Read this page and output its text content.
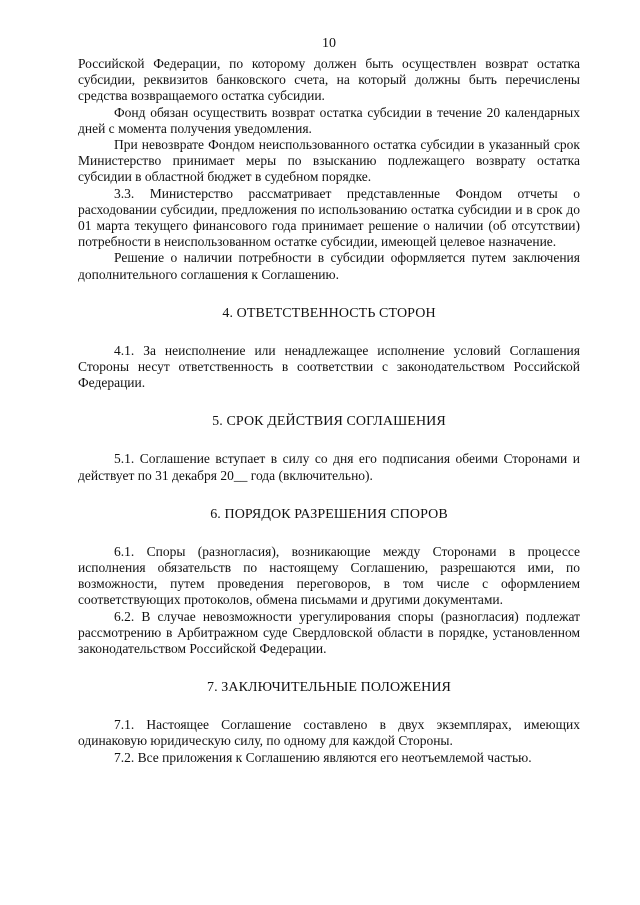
10

Российской Федерации, по которому должен быть осуществлен возврат остатка субсидии, реквизитов банковского счета, на который должны быть перечислены средства возвращаемого остатка субсидии.

Фонд обязан осуществить возврат остатка субсидии в течение 20 календарных дней с момента получения уведомления.

При невозврате Фондом неиспользованного остатка субсидии в указанный срок Министерство принимает меры по взысканию подлежащего возврату остатка субсидии в областной бюджет в судебном порядке.

3.3. Министерство рассматривает представленные Фондом отчеты о расходовании субсидии, предложения по использованию остатка субсидии и в срок до 01 марта текущего финансового года принимает решение о наличии (об отсутствии) потребности в неиспользованном остатке субсидии, имеющей целевое назначение.

Решение о наличии потребности в субсидии оформляется путем заключения дополнительного соглашения к Соглашению.

4. ОТВЕТСТВЕННОСТЬ СТОРОН

4.1. За неисполнение или ненадлежащее исполнение условий Соглашения Стороны несут ответственность в соответствии с законодательством Российской Федерации.

5. СРОК ДЕЙСТВИЯ СОГЛАШЕНИЯ

5.1. Соглашение вступает в силу со дня его подписания обеими Сторонами и действует по 31 декабря 20__ года (включительно).

6. ПОРЯДОК РАЗРЕШЕНИЯ СПОРОВ

6.1. Споры (разногласия), возникающие между Сторонами в процессе исполнения обязательств по настоящему Соглашению, разрешаются ими, по возможности, путем проведения переговоров, в том числе с оформлением соответствующих протоколов, обмена письмами и другими документами.

6.2. В случае невозможности урегулирования споры (разногласия) подлежат рассмотрению в Арбитражном суде Свердловской области в порядке, установленном законодательством Российской Федерации.

7. ЗАКЛЮЧИТЕЛЬНЫЕ ПОЛОЖЕНИЯ

7.1. Настоящее Соглашение составлено в двух экземплярах, имеющих одинаковую юридическую силу, по одному для каждой Стороны.

7.2. Все приложения к Соглашению являются его неотъемлемой частью.
